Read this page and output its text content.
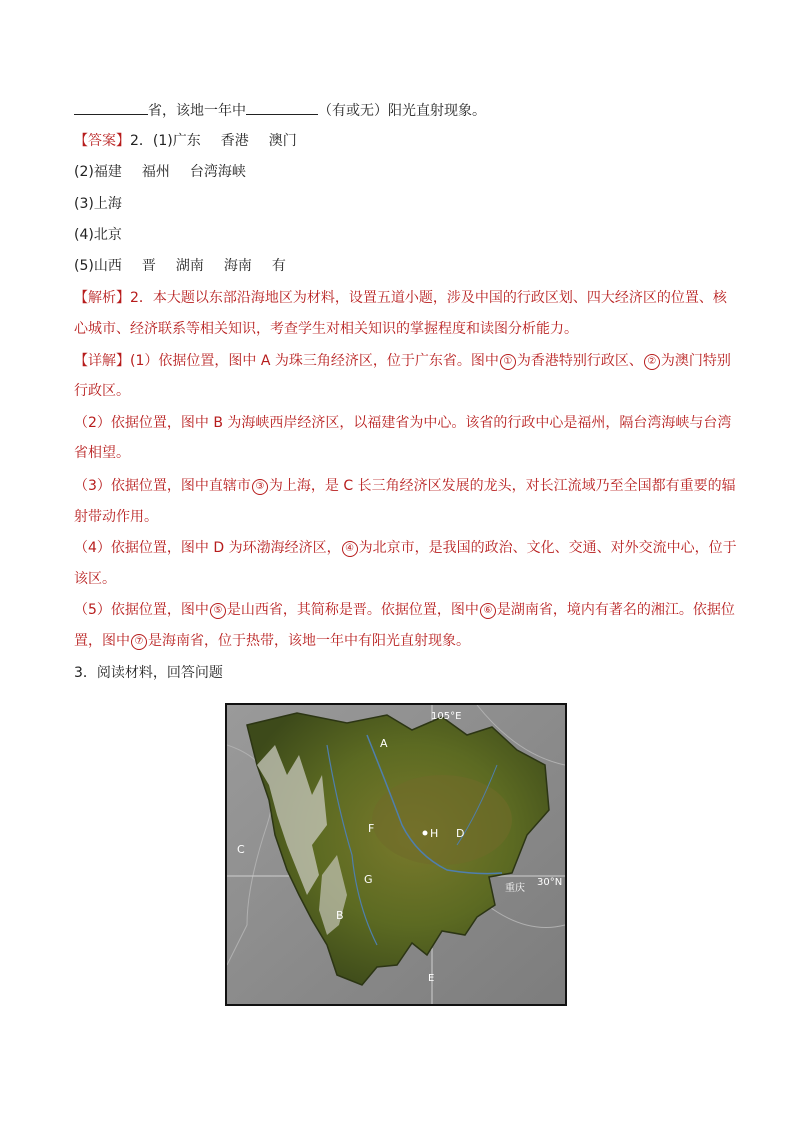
省，该地一年中	（有或无）阳光直射现象。
【答案】2．(1)广东 香港 澳门
(2)福建 福州 台湾海峡
(3)上海
(4)北京
(5)山西 晋 湖南 海南 有
【解析】2．本大题以东部沿海地区为材料，设置五道小题，涉及中国的行政区划、四大经济区的位置、核
心城市、经济联系等相关知识，考查学生对相关知识的掌握程度和读图分析能力。
【详解】(1）依据位置，图中 A 为珠三角经济区，位于广东省。图中 ① 为香港特别行政区、 ② 为澳门特别
行政区。
（2）依据位置，图中 B 为海峡西岸经济区，以福建省为中心。该省的行政中心是福州，隔台湾海峡与台湾
省相望。
（3）依据位置，图中直辖市 ③ 为上海，是 C 长三角经济区发展的龙头，对长江流域乃至全国都有重要的辐
射带动作用。
（4）依据位置，图中 D 为环渤海经济区， ④ 为北京市，是我国的政治、文化、交通、对外交流中心，位于
该区。
（5）依据位置，图中 ⑤ 是山西省，其简称是晋。依据位置，图中 ⑥ 是湖南省，境内有著名的湘江。依据位
置，图中 ⑦ 是海南省，位于热带，该地一年中有阳光直射现象。
3．阅读材料，回答问题
105°E
30°N
重庆
A
B
C
D
E
F
G
H
